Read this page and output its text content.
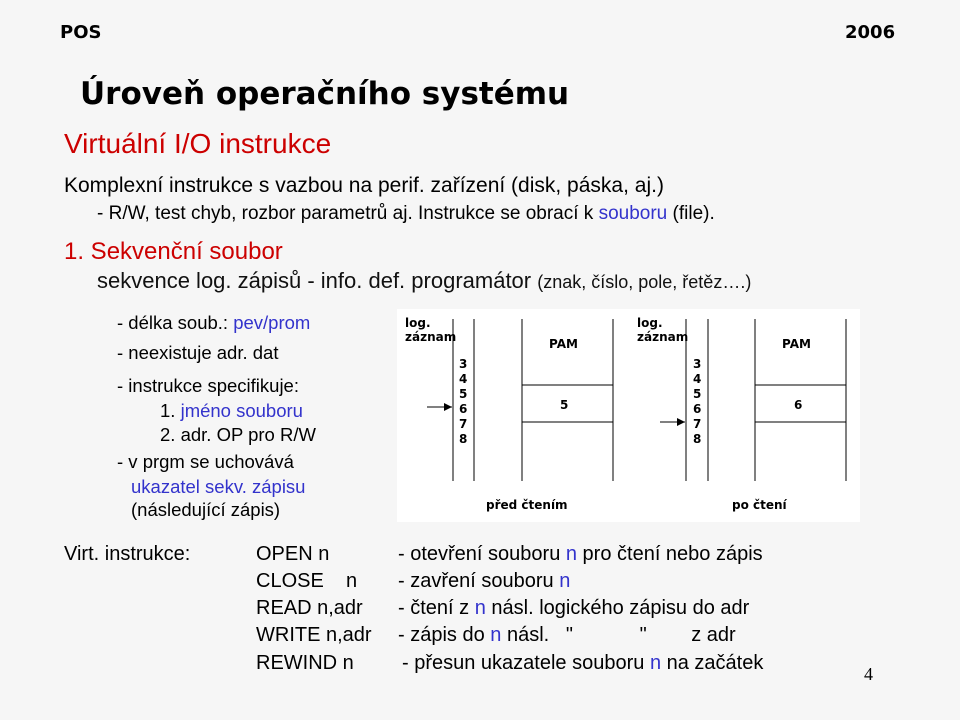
POS	2006
Úroveň operačního systému
Virtuální I/O instrukce
Komplexní instrukce s vazbou na perif. zařízení (disk, páska, aj.)
- R/W, test chyb, rozbor parametrů aj. Instrukce se obrací k souboru (file).
1. Sekvenční soubor
sekvence log. zápisů - info. def. programátor (znak, číslo, pole, řetěz….)
- délka soub.: pev/prom
- neexistuje adr. dat
- instrukce specifikuje:
1. jméno souboru
2. adr. OP pro R/W
- v prgm se uchovává
ukazatel sekv. zápisu
(následující zápis)
log.
záznam	PAM
3
4
5
6
7
8
5
před čtením
log.
záznam	PAM
3
4
5
6
7
8
6
po čtení
Virt. instrukce:	OPEN n	- otevření souboru n pro čtení nebo zápis
CLOSE    n - zavření souboru n
READ n,adr - čtení z n násl. logického zápisu do adr
WRITE n,adr - zápis do n násl.   "            "        z adr
REWIND n - přesun ukazatele souboru n na začátek	4
